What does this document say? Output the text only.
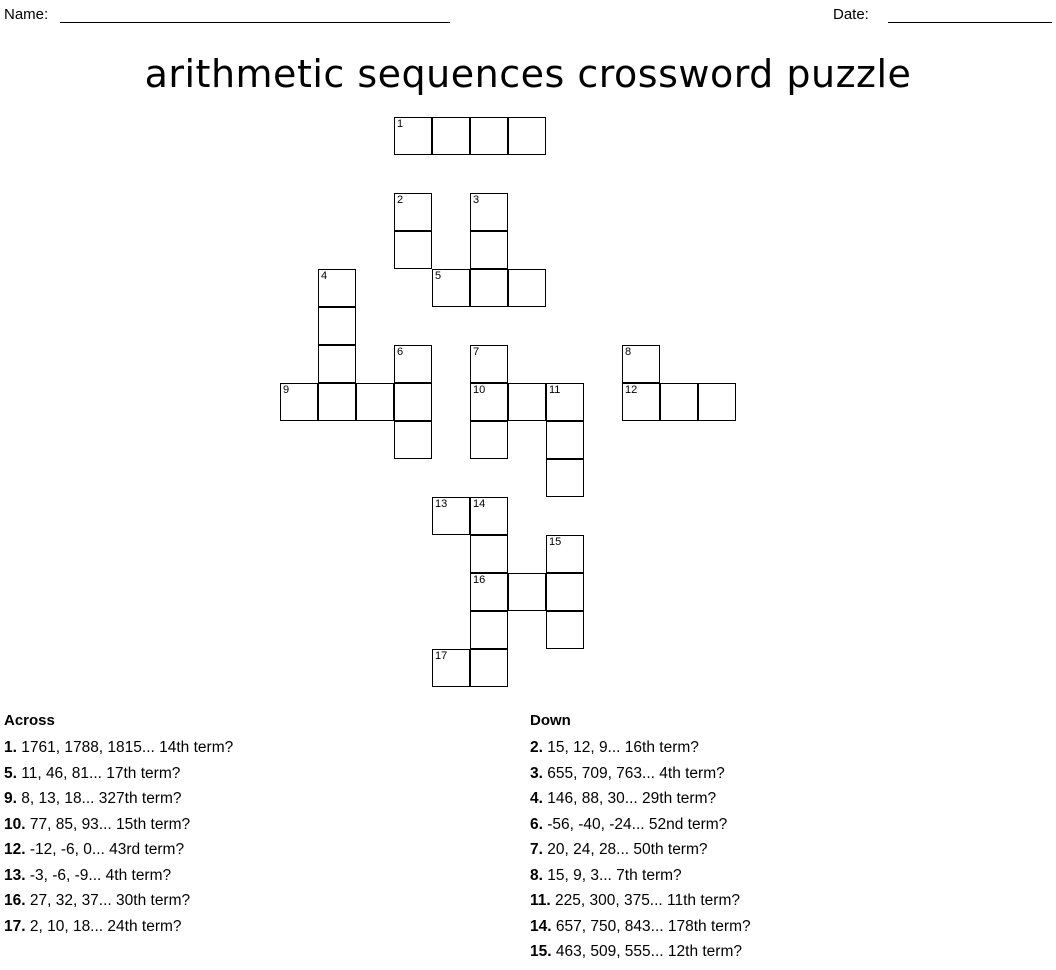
Name:	Date:
arithmetic sequences crossword puzzle
1
2	3
4	5
6	7	8
9	10	11	12
13 14
15
16
17
Across
1. 1761, 1788, 1815... 14th term?
5. 11, 46, 81... 17th term?
9. 8, 13, 18... 327th term?
10. 77, 85, 93... 15th term?
12. -12, -6, 0... 43rd term?
13. -3, -6, -9... 4th term?
16. 27, 32, 37... 30th term?
17. 2, 10, 18... 24th term?
Down
2. 15, 12, 9... 16th term?
3. 655, 709, 763... 4th term?
4. 146, 88, 30... 29th term?
6. -56, -40, -24... 52nd term?
7. 20, 24, 28... 50th term?
8. 15, 9, 3... 7th term?
11. 225, 300, 375... 11th term?
14. 657, 750, 843... 178th term?
15. 463, 509, 555... 12th term?
